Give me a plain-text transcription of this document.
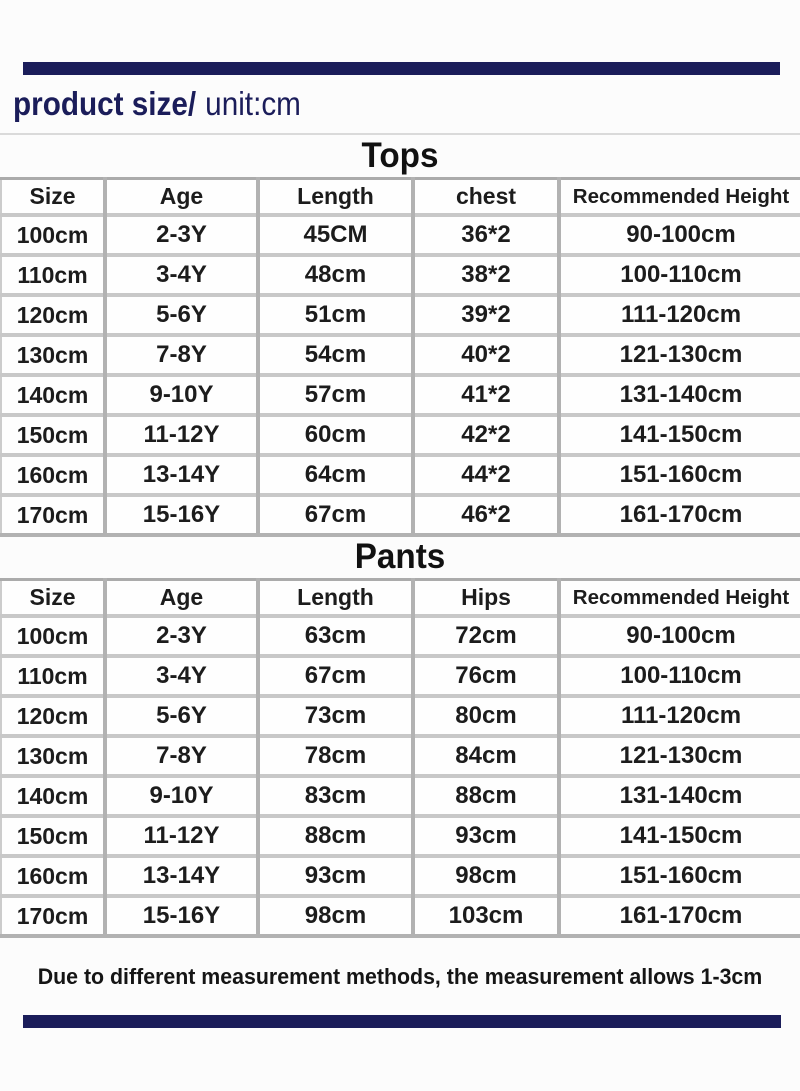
product size/ unit:cm
Tops
Size	Age	Length	chest	Recommended Height
100cm	2-3Y	45CM	36*2	90-100cm
110cm	3-4Y	48cm	38*2	100-110cm
120cm	5-6Y	51cm	39*2	111-120cm
130cm	7-8Y	54cm	40*2	121-130cm
140cm	9-10Y	57cm	41*2	131-140cm
150cm	11-12Y	60cm	42*2	141-150cm
160cm	13-14Y	64cm	44*2	151-160cm
170cm	15-16Y	67cm	46*2	161-170cm
Pants
Size	Age	Length	Hips	Recommended Height
100cm	2-3Y	63cm	72cm	90-100cm
110cm	3-4Y	67cm	76cm	100-110cm
120cm	5-6Y	73cm	80cm	111-120cm
130cm	7-8Y	78cm	84cm	121-130cm
140cm	9-10Y	83cm	88cm	131-140cm
150cm	11-12Y	88cm	93cm	141-150cm
160cm	13-14Y	93cm	98cm	151-160cm
170cm	15-16Y	98cm	103cm	161-170cm

Due to different measurement methods, the measurement allows 1-3cm
